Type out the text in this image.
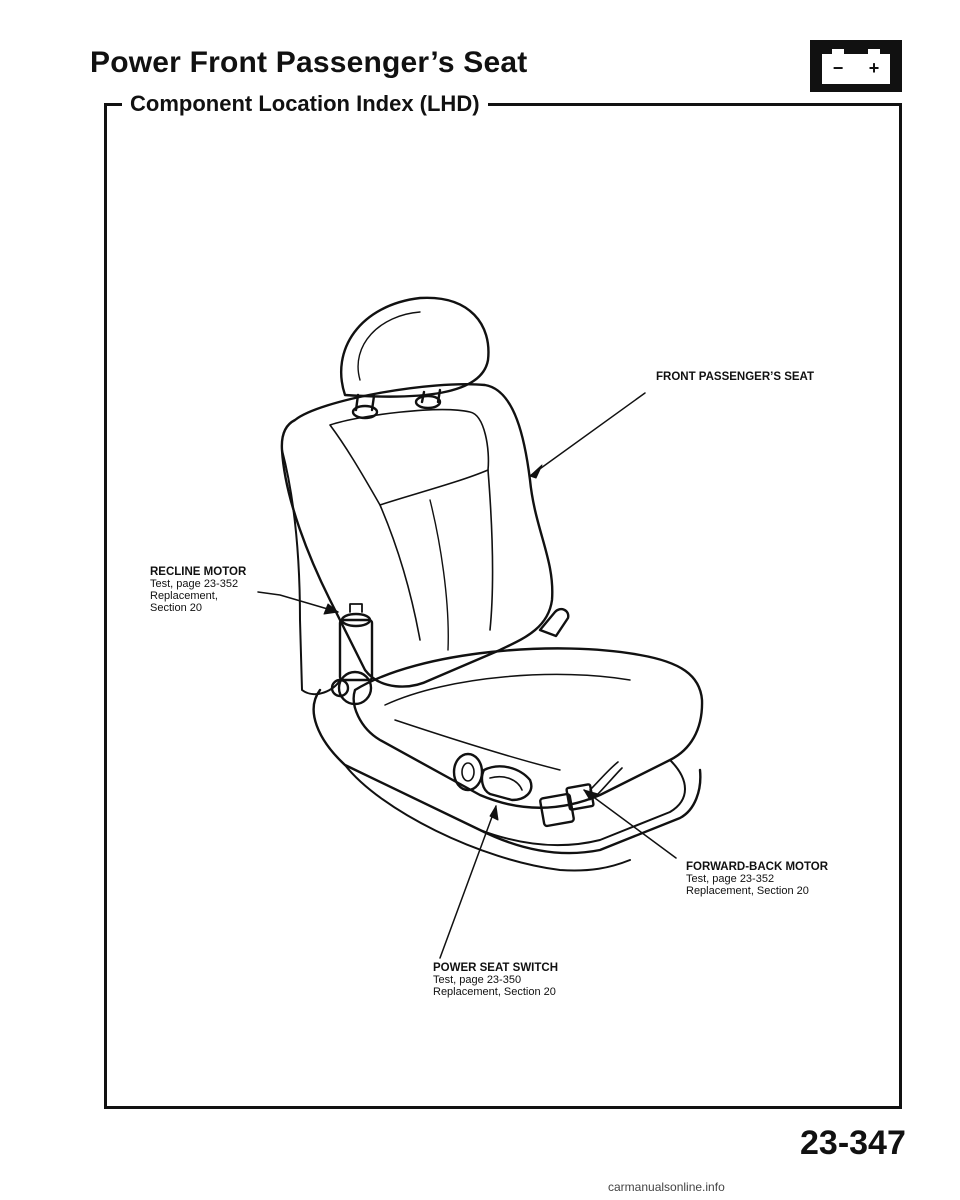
Power Front Passenger’s Seat
Component Location Index (LHD)
− +
FRONT PASSENGER’S SEAT
RECLINE MOTOR
Test, page 23-352
Replacement,
Section 20
FORWARD-BACK MOTOR
Test, page 23-352
Replacement, Section 20
POWER SEAT SWITCH
Test, page 23-350
Replacement, Section 20
23-347
carmanualsonline.info
